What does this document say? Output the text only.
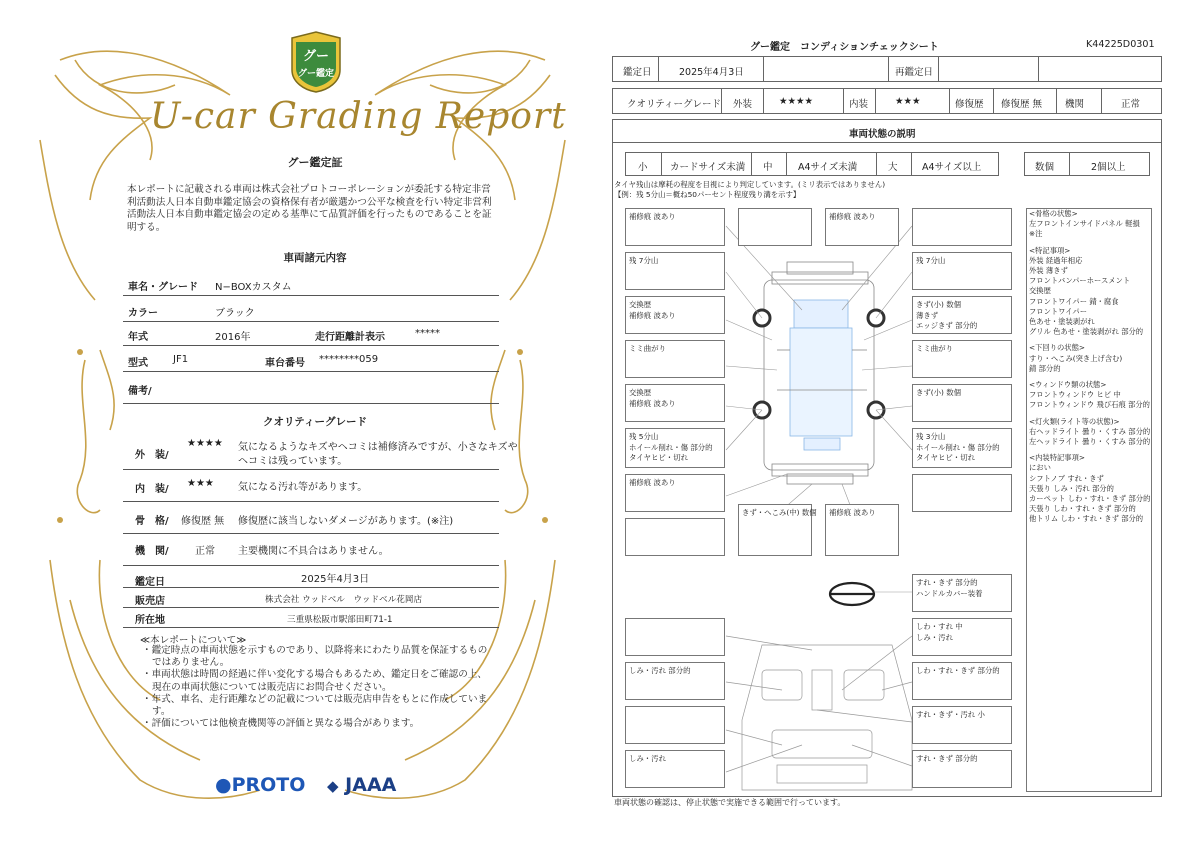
グー
グー鑑定
U-car Grading Report
グー鑑定証
本レポートに記載される車両は株式会社プロトコーポレーションが委託する特定非営利活動法人日本自動車鑑定協会の資格保有者が厳選かつ公平な検査を行い特定非営利活動法人日本自動車鑑定協会の定める基準にて品質評価を行ったものであることを証明する。
車両諸元内容
車名・グレード N−BOXカスタム
カラー	ブラック
年式	2016年	走行距離計表示	*****
型式	JF1	車台番号 ********059
備考/
クオリティーグレード
外　装/
★★★★ 気になるようなキズやヘコミは補修済みですが、小さなキズや
ヘコミは残っています。
内　装/
★★★ 気になる汚れ等があります。
骨　格/ 修復歴 無 修復歴に該当しないダメージがあります。(※注)
機　関/	正常 主要機関に不具合はありません。
鑑定日	2025年4月3日
販売店	株式会社 ウッドベル　ウッドベル花岡店
所在地	三重県松阪市駅部田町71-1
≪本レポートについて≫
・鑑定時点の車両状態を示すものであり、以降将来にわたり品質を保証するものではありません。
・車両状態は時間の経過に伴い変化する場合もあるため、鑑定日をご確認の上、現在の車両状態については販売店にお問合せください。
・年式、車名、走行距離などの記載については販売店申告をもとに作成しています。
・評価については他検査機関等の評価と異なる場合があります。
●PROTO ◆ JAAA
グー鑑定　コンディションチェックシート	K44225D0301
鑑定日	2025年4月3日	再鑑定日
クオリティーグレード 外装	★★★★	内装	★★★	修復歴 修復歴 無 機関	正常
車両状態の説明
小 カードサイズ未満 中	A4サイズ未満	大	A4サイズ以上	数個	2個以上
タイヤ残山は摩耗の程度を目視により判定しています。(ミリ表示ではありません)
【例：残 5分山＝概ね50パーセント程度残り溝を示す】
補修痕 波あり	補修痕 波あり
残 7分山	残 7分山
交換歴
補修痕 波あり
きず(小) 数個
薄きず
エッジきず 部分的
ミミ曲がり	ミミ曲がり
交換歴
補修痕 波あり
きず(小) 数個
残 5分山
ホイール削れ・傷 部分的
タイヤヒビ・切れ
残 3分山
ホイール削れ・傷 部分的
タイヤヒビ・切れ
補修痕 波あり
きず・へこみ(中) 数個	補修痕 波あり
すれ・きず 部分的
ハンドルカバー装着
しわ・すれ 中
しみ・汚れ
しみ・汚れ 部分的	しわ・すれ・きず 部分的
すれ・きず・汚れ 小
しみ・汚れ	すれ・きず 部分的
<骨格の状態>
左フロントインサイドパネル 軽損
※注
<特記事項>
外装 経過年相応
外装 薄きず
フロントバンパーホースメント
交換歴
フロントワイパー 錆・腐食
フロントワイパー
色あせ・塗装剥がれ
グリル 色あせ・塗装剥がれ 部分的
<下回りの状態>
すり・へこみ(突き上げ含む)
錆 部分的
<ウィンドウ類の状態>
フロントウィンドウ ヒビ 中
フロントウィンドウ 飛び石痕 部分的
<灯火類(ライト等の状態)>
右ヘッドライト 曇り・くすみ 部分的
左ヘッドライト 曇り・くすみ 部分的
<内装特記事項>
におい
シフトノブ すれ・きず
天張り しみ・汚れ 部分的
カーペット しわ・すれ・きず 部分的
天張り しわ・すれ・きず 部分的
他トリム しわ・すれ・きず 部分的
車両状態の確認は、停止状態で実施できる範囲で行っています。
